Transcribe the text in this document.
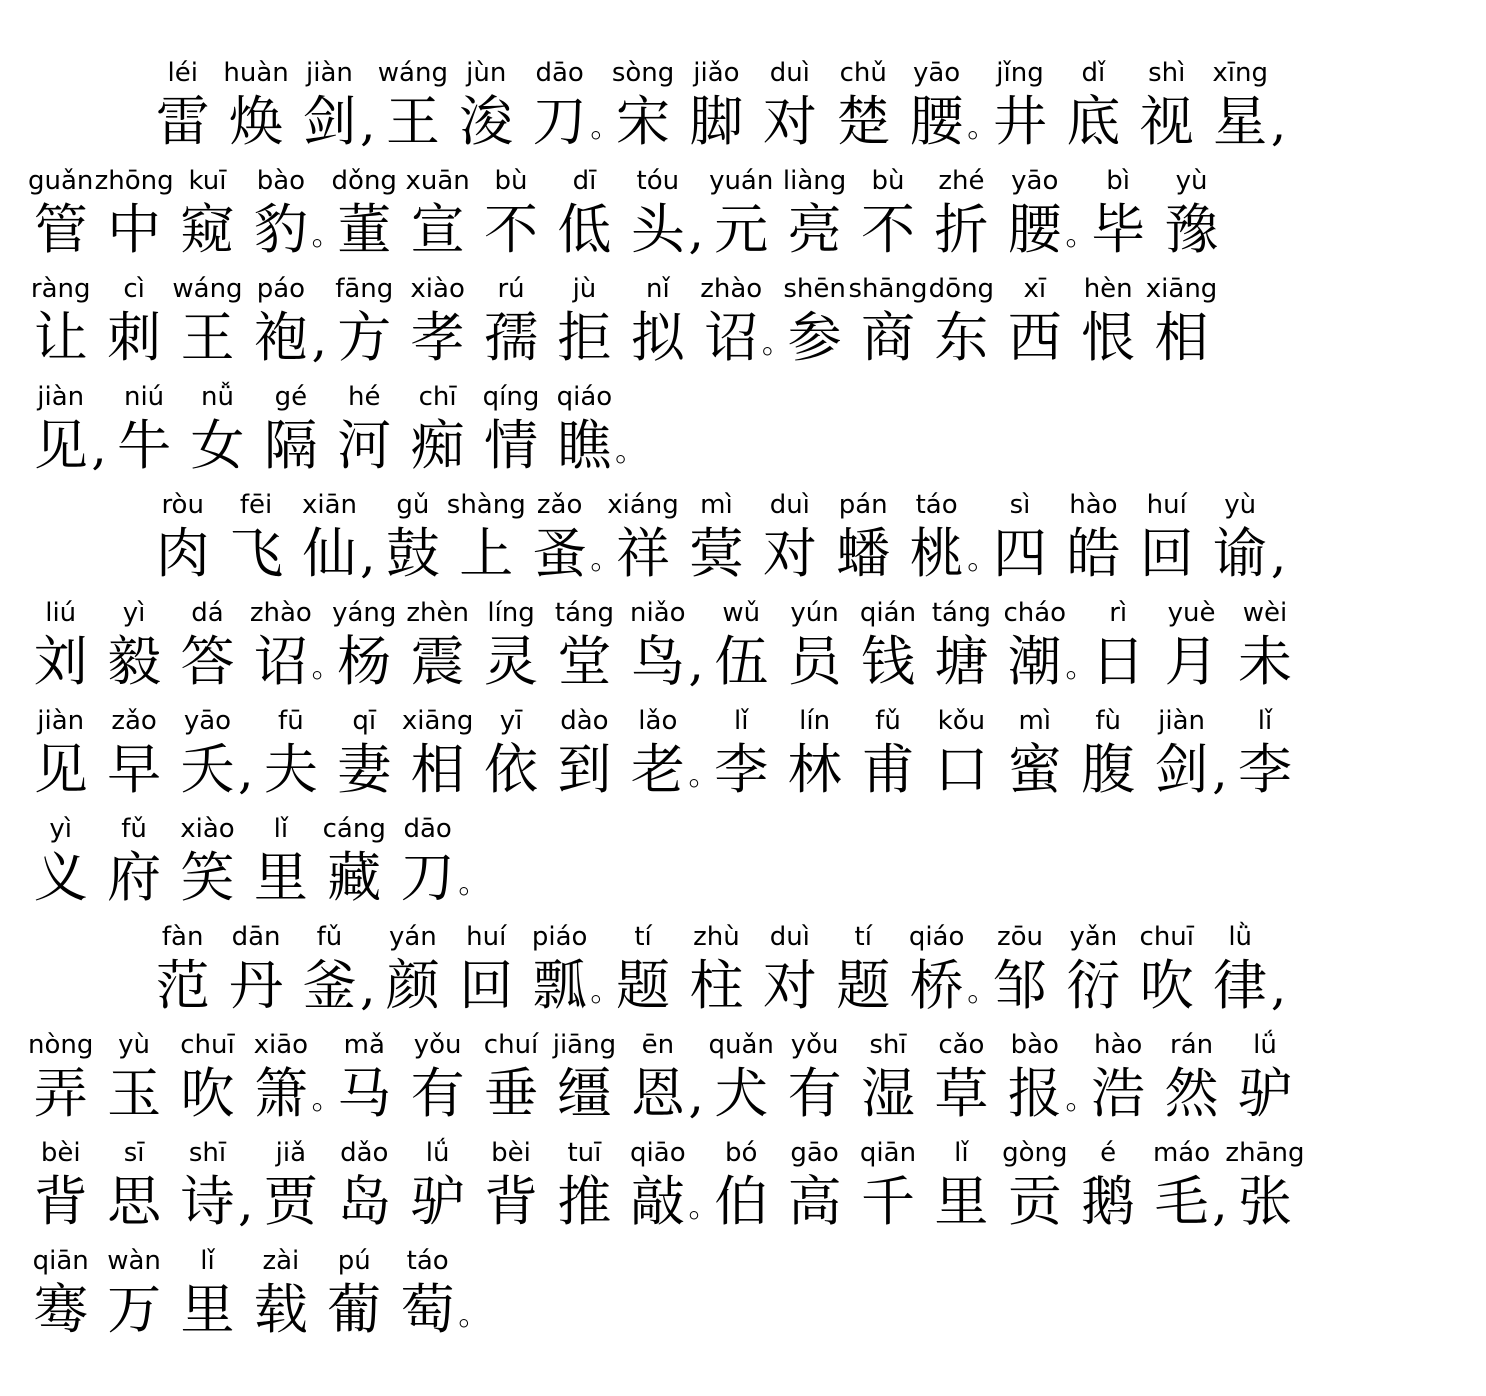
léi
雷
huàn
焕
jiàn
剑 ,
wáng
王
jùn
浚
dāo
刀 。
sòng
宋
jiǎo
脚
duì
对
chǔ
楚
yāo
腰 。
jǐng
井
dǐ
底
shì
视
xīng
星 ,
guǎn
管
zhōng
中
kuī
窥
bào
豹 。
dǒng
董
xuān
宣
bù
不
dī
低
tóu
头 ,
yuán
元
liàng
亮
bù
不
zhé
折
yāo
腰 。
bì
毕
yù
豫
ràng
让
cì
刺
wáng
王
páo
袍 ,
fāng
方
xiào
孝
rú
孺
jù
拒
nǐ
拟
zhào
诏 。
shēn
参
shāng
商
dōng
东
xī
西
hèn
恨
xiāng
相
jiàn
见 ,
niú
牛
nǚ
女
gé
隔
hé
河
chī
痴
qíng
情
qiáo
瞧 。
ròu
肉
fēi
飞
xiān
仙 ,
gǔ
鼓
shàng
上
zǎo
蚤 。
xiáng
祥
mì
蓂
duì
对
pán
蟠
táo
桃 。
sì
四
hào
皓
huí
回
yù
谕 ,
liú
刘
yì
毅
dá
答
zhào
诏 。
yáng
杨
zhèn
震
líng
灵
táng
堂
niǎo
鸟 ,
wǔ
伍
yún
员
qián
钱
táng
塘
cháo
潮 。
rì
日
yuè
月
wèi
未
jiàn
见
zǎo
早
yāo
夭 ,
fū
夫
qī
妻
xiāng
相
yī
依
dào
到
lǎo
老 。
lǐ
李
lín
林
fǔ
甫
kǒu
口
mì
蜜
fù
腹
jiàn
剑 ,
lǐ
李
yì
义
fǔ
府
xiào
笑
lǐ
里
cáng
藏
dāo
刀 。
fàn
范
dān
丹
fǔ
釜 ,
yán
颜
huí
回
piáo
瓢 。
tí
题
zhù
柱
duì
对
tí
题
qiáo
桥 。
zōu
邹
yǎn
衍
chuī
吹
lǜ
律 ,
nòng
弄
yù
玉
chuī
吹
xiāo
箫 。
mǎ
马
yǒu
有
chuí
垂
jiāng
缰
ēn
恩 ,
quǎn
犬
yǒu
有
shī
湿
cǎo
草
bào
报 。
hào
浩
rán
然
lǘ
驴
bèi
背
sī
思
shī
诗 ,
jiǎ
贾
dǎo
岛
lǘ
驴
bèi
背
tuī
推
qiāo
敲 。
bó
伯
gāo
高
qiān
千
lǐ
里
gòng
贡
é
鹅
máo
毛 ,
zhāng
张
qiān
骞
wàn
万
lǐ
里
zài
载
pú
葡
táo
萄 。
